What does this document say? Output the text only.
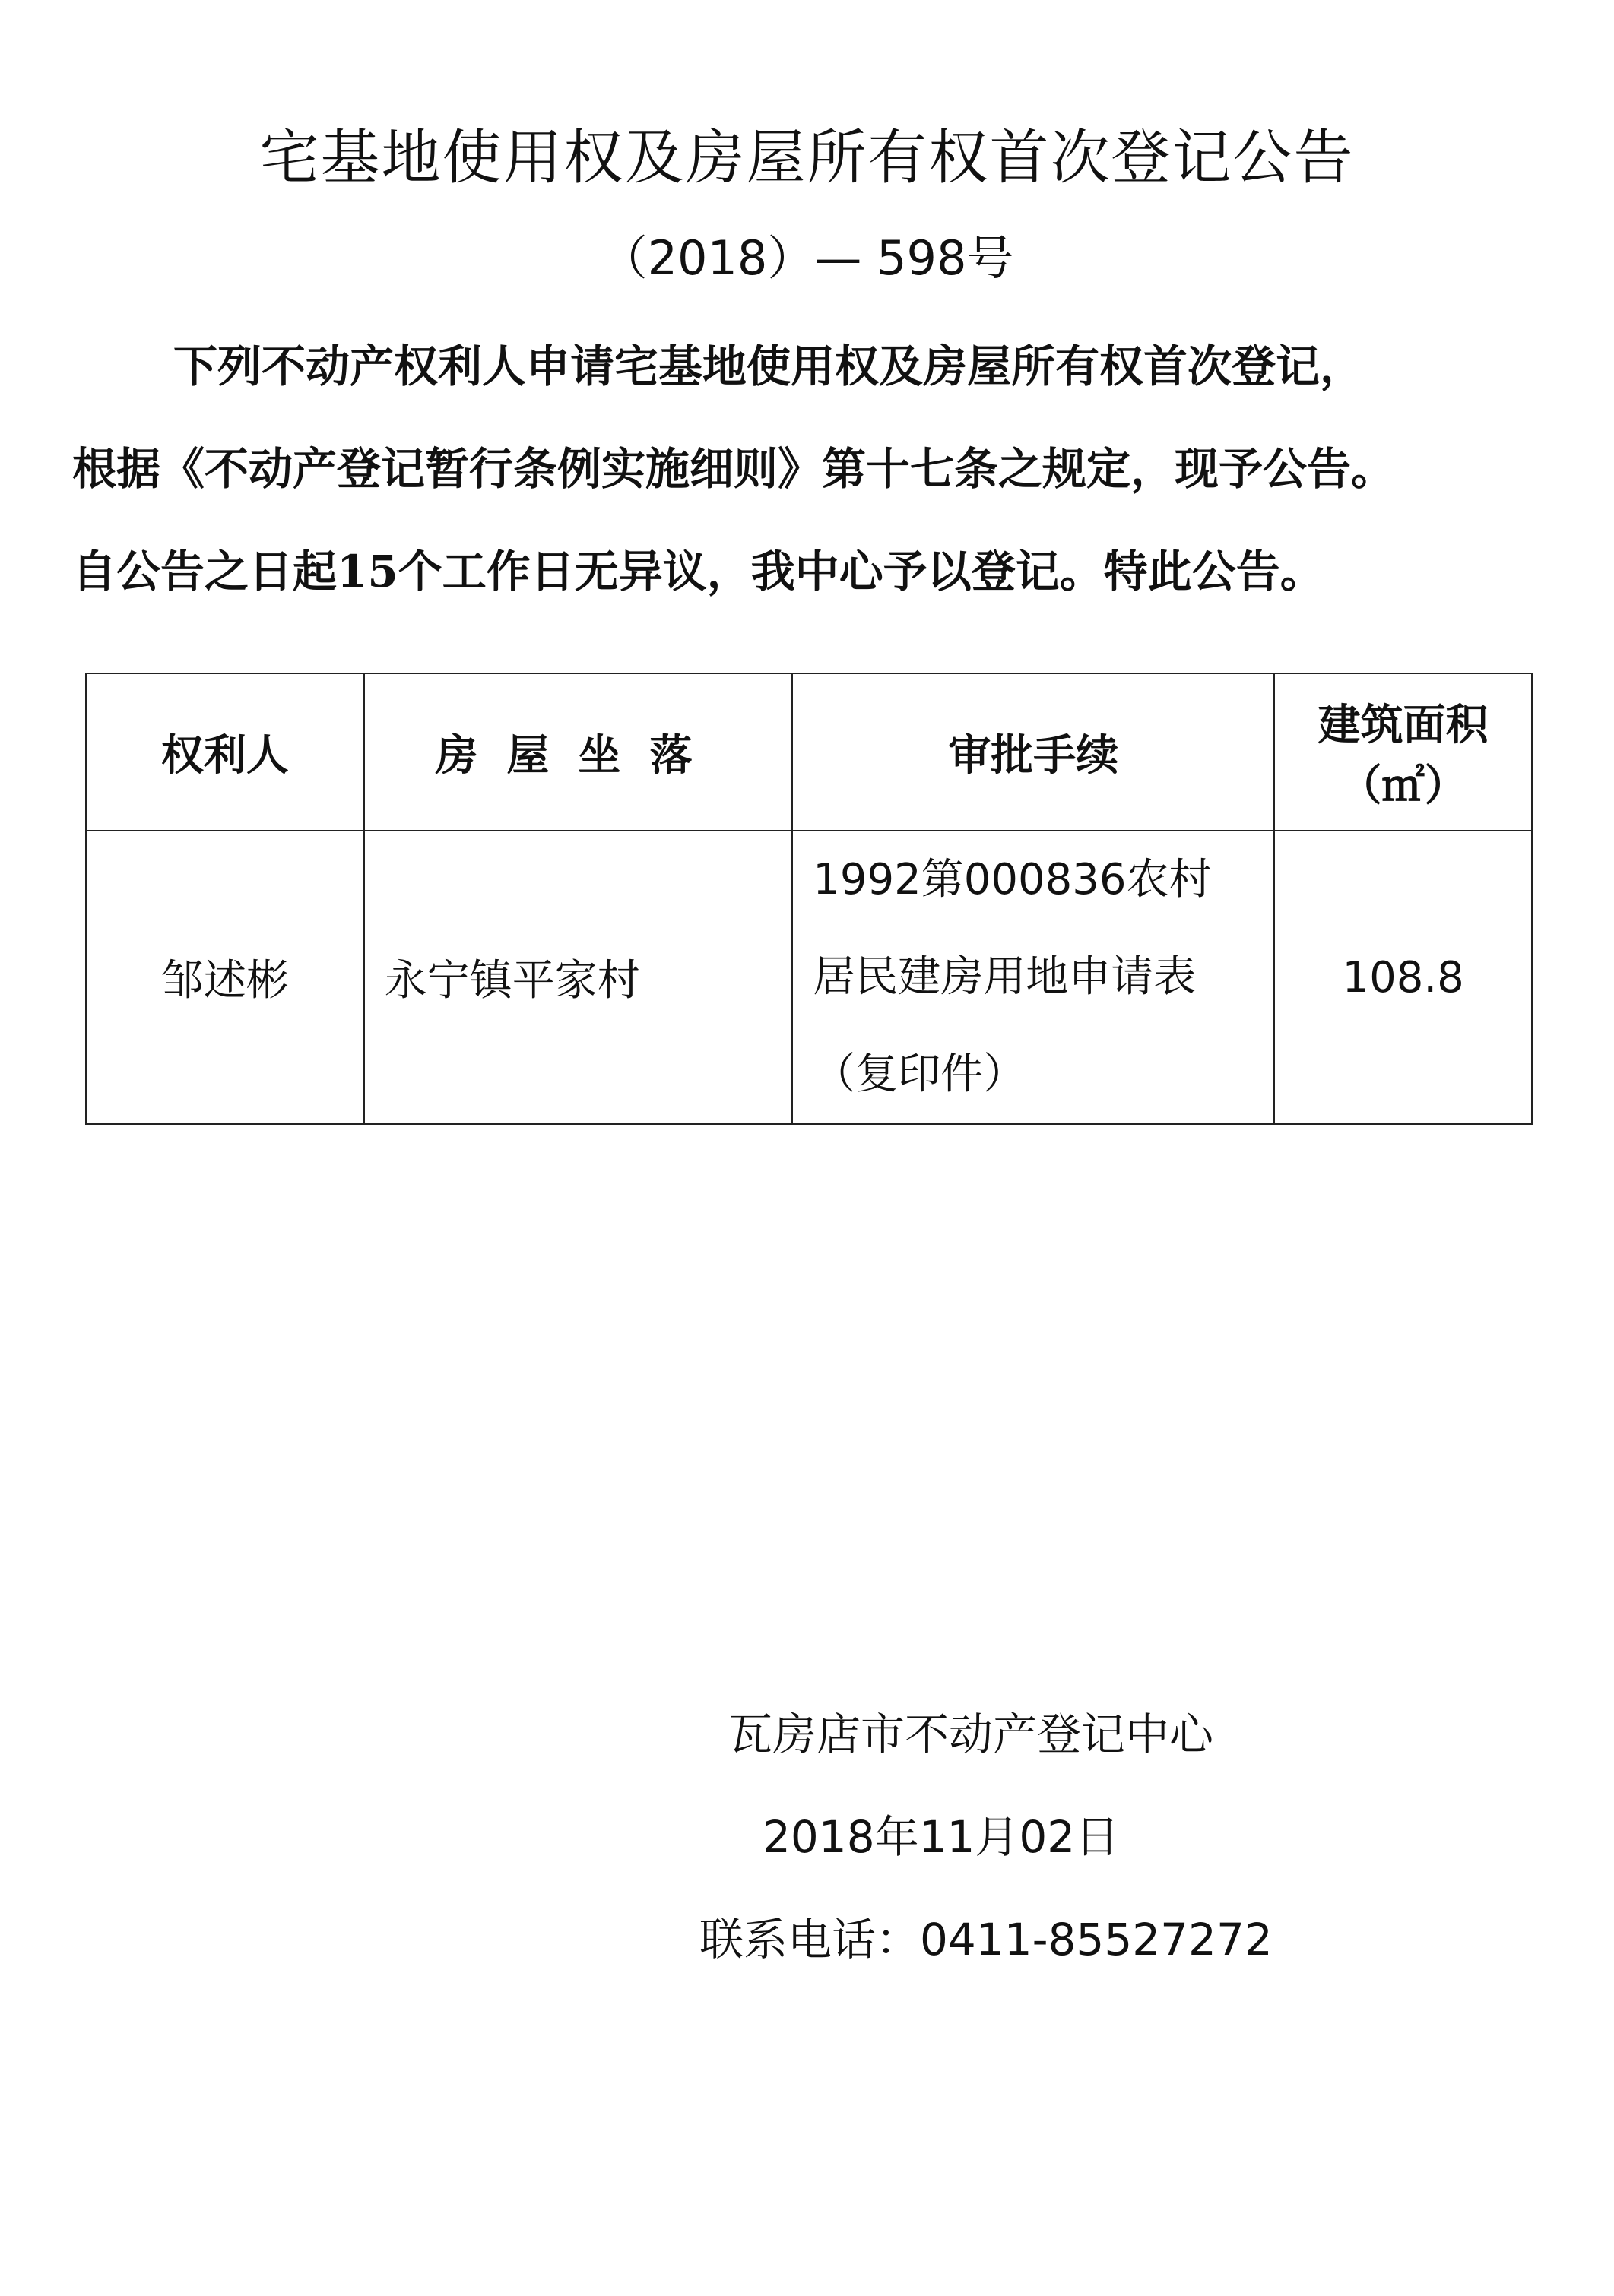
宅基地使用权及房屋所有权首次登记公告
（2018）— 598号

下列不动产权利人申请宅基地使用权及房屋所有权首次登记，

根据《不动产登记暂行条例实施细则》第十七条之规定，现予公告。

自公告之日起15个工作日无异议，我中心予以登记。特此公告。

权利人	房屋坐落	审批手续	建筑面积
（㎡）

邹述彬	永宁镇平家村	1992第000836农村
居民建房用地申请表
（复印件）	108.8
瓦房店市不动产登记中心
2018年11月02日
联系电话：0411-85527272
